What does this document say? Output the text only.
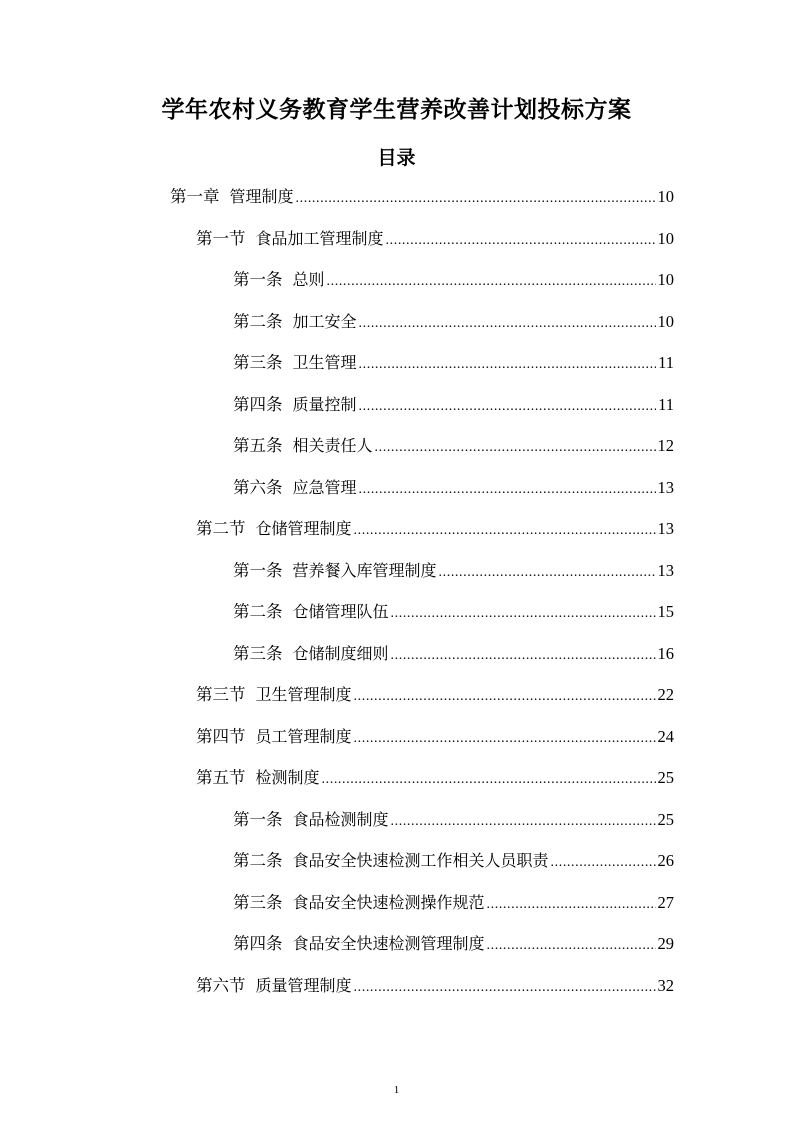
学年农村义务教育学生营养改善计划投标方案
目录
第一章 管理制度 .....	10
第一节 食品加工管理制度 .....	10
第一条 总则 .....	10
第二条 加工安全 .....	10
第三条 卫生管理 .....	11
第四条 质量控制 .....	11
第五条 相关责任人 .....	12
第六条 应急管理 .....	13
第二节 仓储管理制度 .....	13
第一条 营养餐入库管理制度 .....	13
第二条 仓储管理队伍 .....	15
第三条 仓储制度细则 .....	16
第三节 卫生管理制度 .....	22
第四节 员工管理制度 .....	24
第五节 检测制度 .....	25
第一条 食品检测制度 .....	25
第二条 食品安全快速检测工作相关人员职责 .....	26
第三条 食品安全快速检测操作规范 .....	27
第四条 食品安全快速检测管理制度 .....	29
第六节 质量管理制度 .....	32
1
